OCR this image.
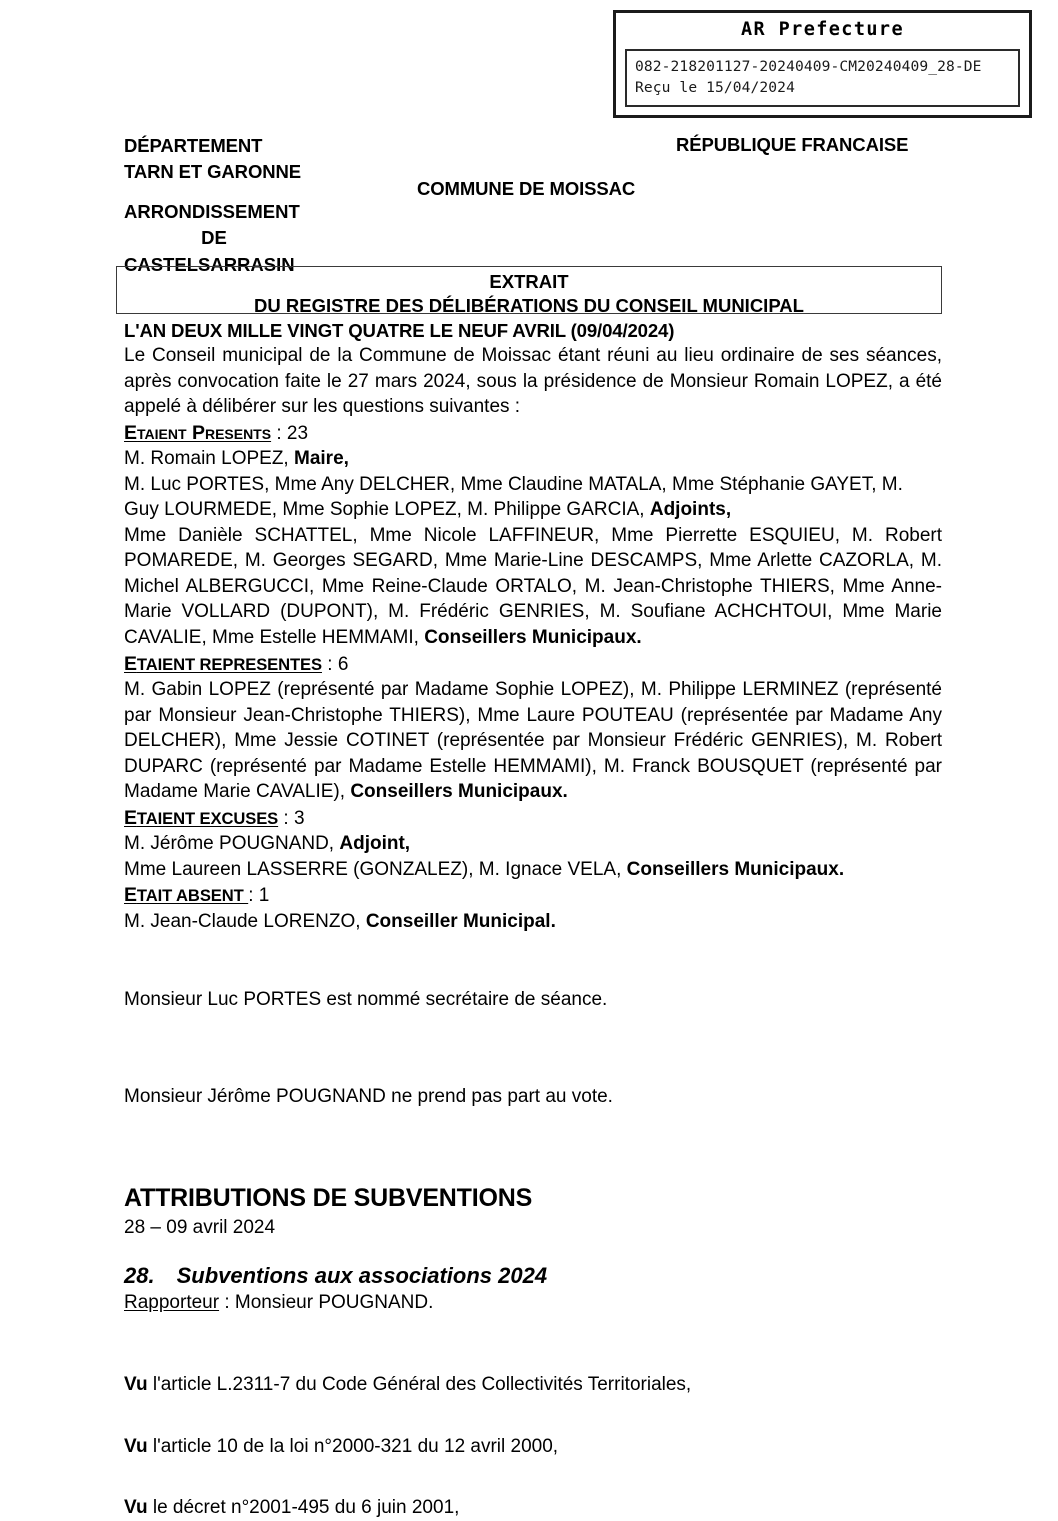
AR Prefecture
082-218201127-20240409-CM20240409_28-DE
Reçu le 15/04/2024
DÉPARTEMENT
TARN ET GARONNE
ARRONDISSEMENT
DE
CASTELSARRASIN
RÉPUBLIQUE FRANCAISE
COMMUNE DE MOISSAC
EXTRAIT
DU REGISTRE DES DÉLIBÉRATIONS DU CONSEIL MUNICIPAL
L'AN DEUX MILLE VINGT QUATRE LE NEUF AVRIL (09/04/2024)

Le Conseil municipal de la Commune de Moissac étant réuni au lieu ordinaire de ses séances, après convocation faite le 27 mars 2024, sous la présidence de Monsieur Romain LOPEZ, a été appelé à délibérer sur les questions suivantes :

Etaient Presents : 23

M. Romain LOPEZ, Maire,

M. Luc PORTES, Mme Any DELCHER, Mme Claudine MATALA, Mme Stéphanie GAYET, M. Guy LOURMEDE, Mme Sophie LOPEZ, M. Philippe GARCIA, Adjoints,

Mme Danièle SCHATTEL, Mme Nicole LAFFINEUR, Mme Pierrette ESQUIEU, M. Robert POMAREDE, M. Georges SEGARD, Mme Marie-Line DESCAMPS, Mme Arlette CAZORLA, M. Michel ALBERGUCCI, Mme Reine-Claude ORTALO, M. Jean-Christophe THIERS, Mme Anne-Marie VOLLARD (DUPONT), M. Frédéric GENRIES, M. Soufiane ACHCHTOUI, Mme Marie CAVALIE, Mme Estelle HEMMAMI, Conseillers Municipaux.

ETAIENT REPRESENTES : 6

M. Gabin LOPEZ (représenté par Madame Sophie LOPEZ), M. Philippe LERMINEZ (représenté par Monsieur Jean-Christophe THIERS), Mme Laure POUTEAU (représentée par Madame Any DELCHER), Mme Jessie COTINET (représentée par Monsieur Frédéric GENRIES), M. Robert DUPARC (représenté par Madame Estelle HEMMAMI), M. Franck BOUSQUET (représenté par Madame Marie CAVALIE), Conseillers Municipaux.

ETAIENT EXCUSES : 3

M. Jérôme POUGNAND, Adjoint,

Mme Laureen LASSERRE (GONZALEZ), M. Ignace VELA, Conseillers Municipaux.

ETAIT ABSENT : 1

M. Jean-Claude LORENZO, Conseiller Municipal.

Monsieur Luc PORTES est nommé secrétaire de séance.

Monsieur Jérôme POUGNAND ne prend pas part au vote.

ATTRIBUTIONS DE SUBVENTIONS

28 – 09 avril 2024

28. Subventions aux associations 2024

Rapporteur : Monsieur POUGNAND.

Vu l'article L.2311-7 du Code Général des Collectivités Territoriales,

Vu l'article 10 de la loi n°2000-321 du 12 avril 2000,

Vu le décret n°2001-495 du 6 juin 2001,
